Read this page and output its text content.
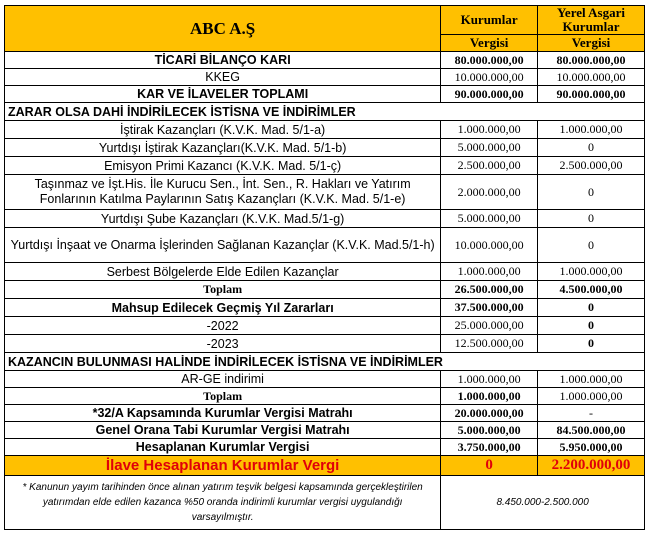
ABC A.Ş	Kurumlar	Yerel Asgari Kurumlar
	Vergisi	Vergisi
TİCARİ BİLANÇO KARI	80.000.000,00	80.000.000,00
KKEG	10.000.000,00	10.000.000,00
KAR VE İLAVELER TOPLAMI	90.000.000,00	90.000.000,00
ZARAR OLSA DAHİ İNDİRİLECEK İSTİSNA VE İNDİRİMLER		
İştirak Kazançları (K.V.K. Mad. 5/1-a)	1.000.000,00	1.000.000,00
Yurtdışı İştirak Kazançları(K.V.K. Mad. 5/1-b)	5.000.000,00	0
Emisyon Primi Kazancı (K.V.K. Mad. 5/1-ç)	2.500.000,00	2.500.000,00
Taşınmaz ve İşt.His. İle Kurucu Sen., İnt. Sen., R. Hakları ve Yatırım Fonlarının Katılma Paylarının Satış Kazançları (K.V.K. Mad. 5/1-e)	2.000.000,00	0
Yurtdışı Şube Kazançları (K.V.K. Mad.5/1-g)	5.000.000,00	0
Yurtdışı İnşaat ve Onarma İşlerinden Sağlanan Kazançlar (K.V.K. Mad.5/1-h)	10.000.000,00	0
Serbest Bölgelerde Elde Edilen Kazançlar	1.000.000,00	1.000.000,00
Toplam	26.500.000,00	4.500.000,00
Mahsup Edilecek Geçmiş Yıl Zararları	37.500.000,00	0
-2022	25.000.000,00	0
-2023	12.500.000,00	0
KAZANCIN BULUNMASI HALİNDE İNDİRİLECEK İSTİSNA VE İNDİRİMLER		
AR-GE indirimi	1.000.000,00	1.000.000,00
Toplam	1.000.000,00	1.000.000,00
*32/A Kapsamında Kurumlar Vergisi Matrahı	20.000.000,00	-
Genel Orana Tabi Kurumlar Vergisi Matrahı	5.000.000,00	84.500.000,00
Hesaplanan Kurumlar Vergisi	3.750.000,00	5.950.000,00
İlave Hesaplanan Kurumlar Vergi	0	2.200.000,00
* Kanunun yayım tarihinden önce alınan yatırım teşvik belgesi kapsamında gerçekleştirilen yatırımdan elde edilen kazanca %50 oranda indirimli kurumlar vergisi uygulandığı varsayılmıştır.	8.450.000-2.500.000	
